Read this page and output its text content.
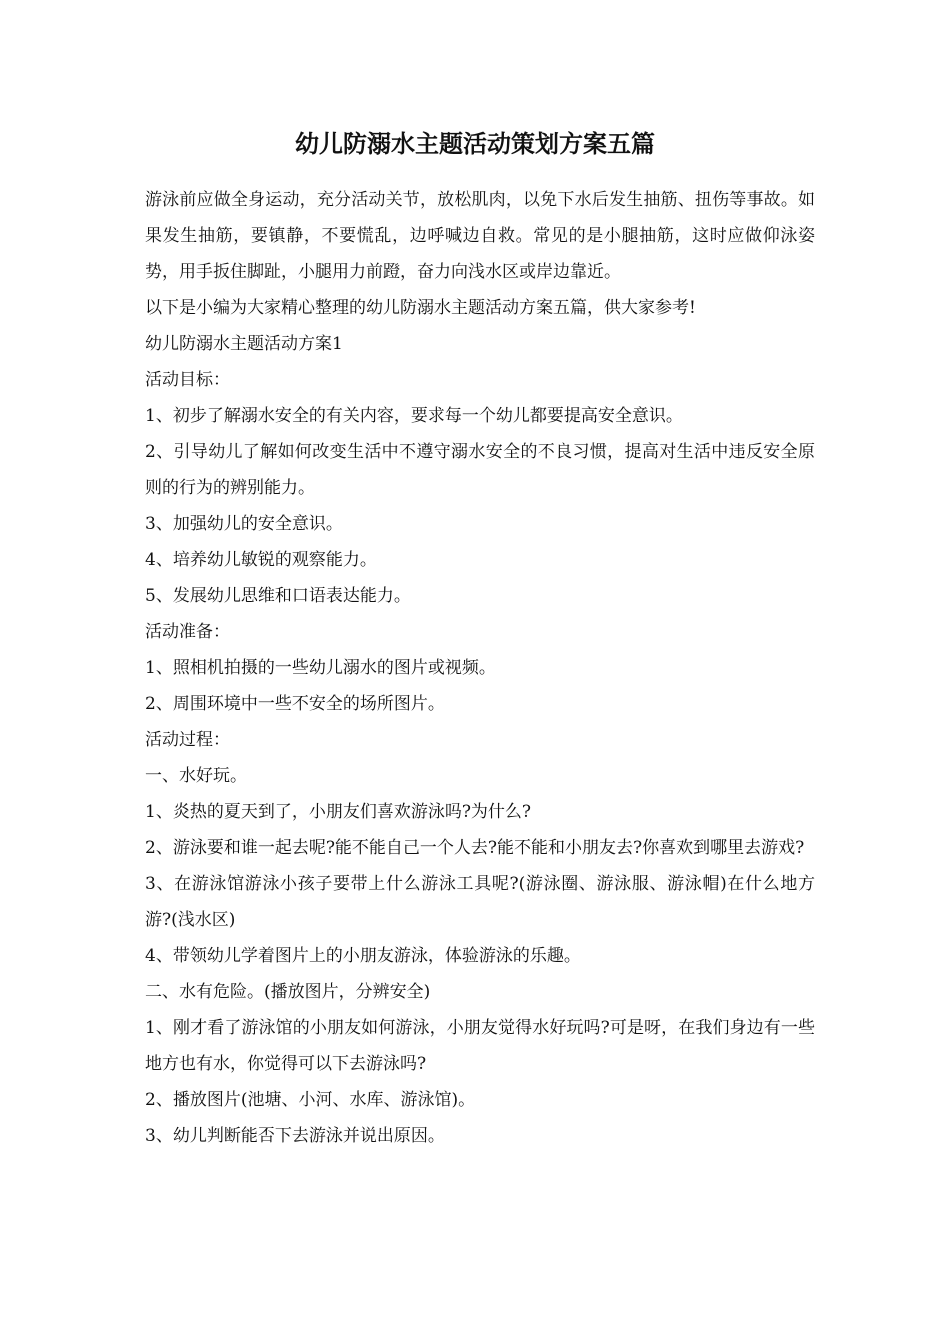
幼儿防溺水主题活动策划方案五篇

游泳前应做全身运动，充分活动关节，放松肌肉，以免下水后发生抽筋、扭伤等事故。如果发生抽筋，要镇静，不要慌乱，边呼喊边自救。常见的是小腿抽筋，这时应做仰泳姿势，用手扳住脚趾，小腿用力前蹬，奋力向浅水区或岸边靠近。

以下是小编为大家精心整理的幼儿防溺水主题活动方案五篇，供大家参考!

幼儿防溺水主题活动方案1

活动目标：

1、初步了解溺水安全的有关内容，要求每一个幼儿都要提高安全意识。

2、引导幼儿了解如何改变生活中不遵守溺水安全的不良习惯，提高对生活中违反安全原则的行为的辨别能力。

3、加强幼儿的安全意识。

4、培养幼儿敏锐的观察能力。

5、发展幼儿思维和口语表达能力。

活动准备：

1、照相机拍摄的一些幼儿溺水的图片或视频。

2、周围环境中一些不安全的场所图片。

活动过程：

一、水好玩。

1、炎热的夏天到了，小朋友们喜欢游泳吗?为什么?

2、游泳要和谁一起去呢?能不能自己一个人去?能不能和小朋友去?你喜欢到哪里去游戏?

3、在游泳馆游泳小孩子要带上什么游泳工具呢?(游泳圈、游泳服、游泳帽)在什么地方游?(浅水区)

4、带领幼儿学着图片上的小朋友游泳，体验游泳的乐趣。

二、水有危险。(播放图片，分辨安全)

1、刚才看了游泳馆的小朋友如何游泳，小朋友觉得水好玩吗?可是呀，在我们身边有一些地方也有水，你觉得可以下去游泳吗?

2、播放图片(池塘、小河、水库、游泳馆)。

3、幼儿判断能否下去游泳并说出原因。
